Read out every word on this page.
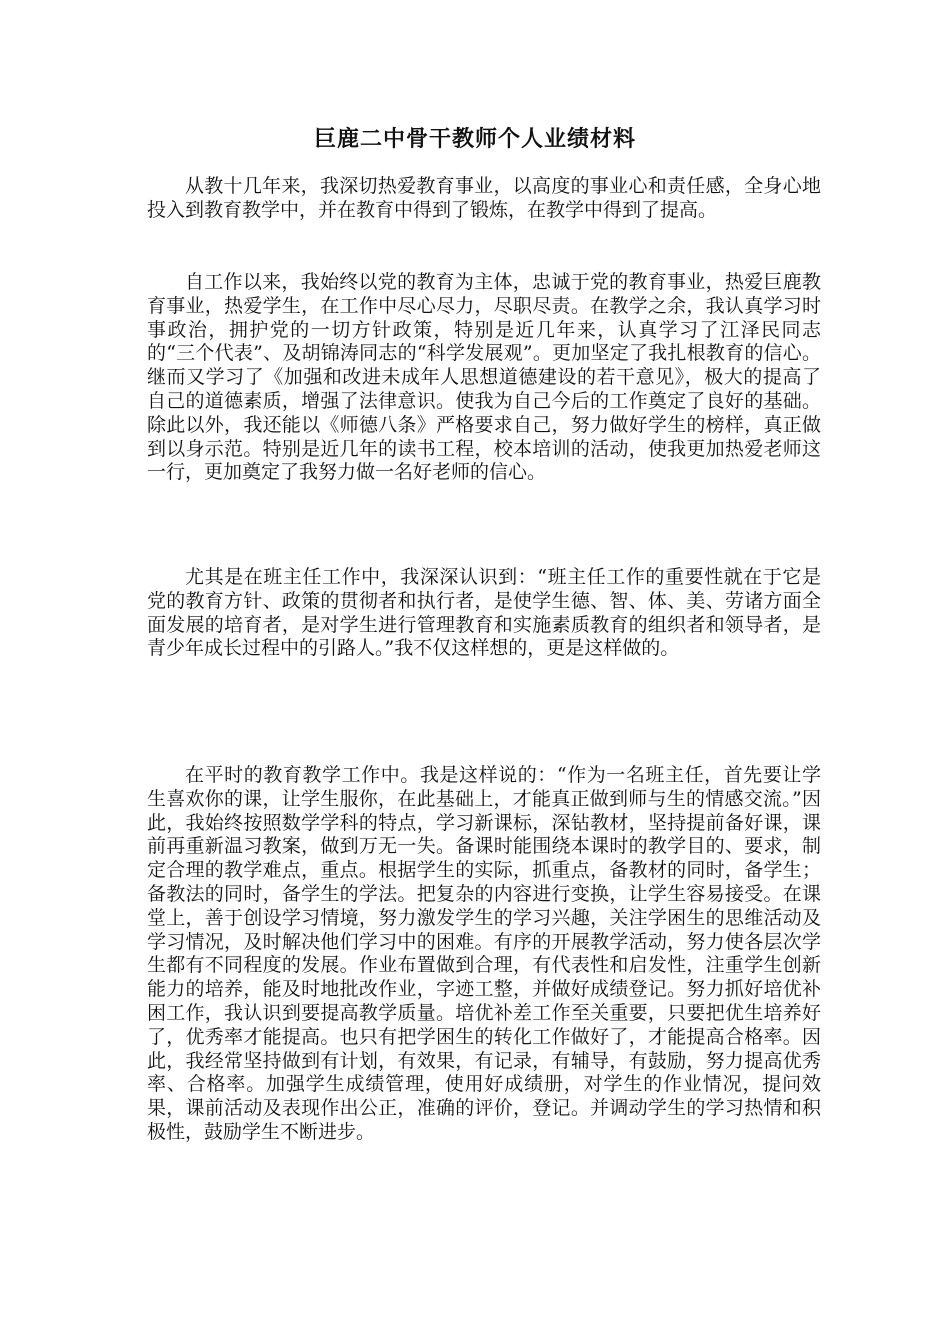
巨鹿二中骨干教师个人业绩材料

从教十几年来，我深切热爱教育事业，以高度的事业心和责任感，全身心地投入到教育教学中，并在教育中得到了锻炼，在教学中得到了提高。

自工作以来，我始终以党的教育为主体，忠诚于党的教育事业，热爱巨鹿教育事业，热爱学生，在工作中尽心尽力，尽职尽责。在教学之余，我认真学习时事政治，拥护党的一切方针政策，特别是近几年来，认真学习了江泽民同志的“三个代表”、及胡锦涛同志的“科学发展观”。更加坚定了我扎根教育的信心。继而又学习了《加强和改进未成年人思想道德建设的若干意见》，极大的提高了自己的道德素质，增强了法律意识。使我为自己今后的工作奠定了良好的基础。除此以外，我还能以《师德八条》严格要求自己，努力做好学生的榜样，真正做到以身示范。特别是近几年的读书工程，校本培训的活动，使我更加热爱老师这一行，更加奠定了我努力做一名好老师的信心。

尤其是在班主任工作中，我深深认识到：“班主任工作的重要性就在于它是党的教育方针、政策的贯彻者和执行者，是使学生德、智、体、美、劳诸方面全面发展的培育者，是对学生进行管理教育和实施素质教育的组织者和领导者，是青少年成长过程中的引路人。”我不仅这样想的，更是这样做的。

在平时的教育教学工作中。我是这样说的：“作为一名班主任，首先要让学生喜欢你的课，让学生服你，在此基础上，才能真正做到师与生的情感交流。”因此，我始终按照数学学科的特点，学习新课标，深钻教材，坚持提前备好课，课前再重新温习教案，做到万无一失。备课时能围绕本课时的教学目的、要求，制定合理的教学难点，重点。根据学生的实际，抓重点，备教材的同时，备学生；备教法的同时，备学生的学法。把复杂的内容进行变换，让学生容易接受。在课堂上，善于创设学习情境，努力激发学生的学习兴趣，关注学困生的思维活动及学习情况，及时解决他们学习中的困难。有序的开展教学活动，努力使各层次学生都有不同程度的发展。作业布置做到合理，有代表性和启发性，注重学生创新能力的培养，能及时地批改作业，字迹工整，并做好成绩登记。努力抓好培优补困工作，我认识到要提高教学质量。培优补差工作至关重要，只要把优生培养好了，优秀率才能提高。也只有把学困生的转化工作做好了，才能提高合格率。因此，我经常坚持做到有计划，有效果，有记录，有辅导，有鼓励，努力提高优秀率、合格率。加强学生成绩管理，使用好成绩册，对学生的作业情况，提问效果，课前活动及表现作出公正，准确的评价，登记。并调动学生的学习热情和积极性，鼓励学生不断进步。
